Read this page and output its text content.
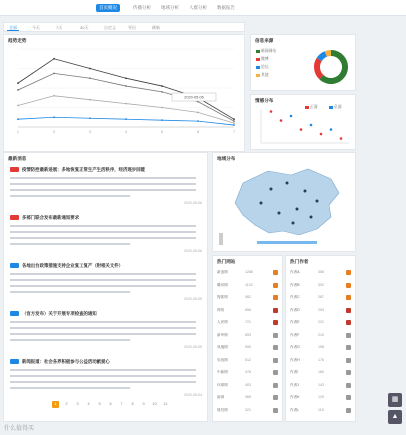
首页概况	传播分析	地域分析	人群分析	数据报告
全部	今天	7天	30天	自定义	导出	刷新
趋势走势
1	2	3	4	5	6	7
2020-05-06
信息来源
新闻网站
微博
论坛
其他
情感分布
正面	负面
最新消息
疫情防控最新进展：多地恢复正常生产生活秩序，经济逐步回暖
2020-05-06
多部门联合发布最新通知要求
2020-05-06
各地出台政策措施支持企业复工复产（附相关文件）
2020-05-05
（官方发布）关于开展专项检查的通知
2020-05-05
新闻报道：社会各界积极参与公益活动献爱心
2020-05-04
1	2	3	4	5	6	7	8	9	10	11
地域分布
热门网站
新浪网	1286
腾讯网	1102
搜狐网	982
网易	856
人民网	721
新华网	653
凤凰网	590
央视网	512
中新网	476
环球网	403
澎湃	366
财经网	321
热门作者
作者A	356
作者B	302
作者C	287
作者D	254
作者E	231
作者F	210
作者G	198
作者H	176
作者I	160
作者J	143
作者K	129
作者L	115
▦
▲
什么值得买
